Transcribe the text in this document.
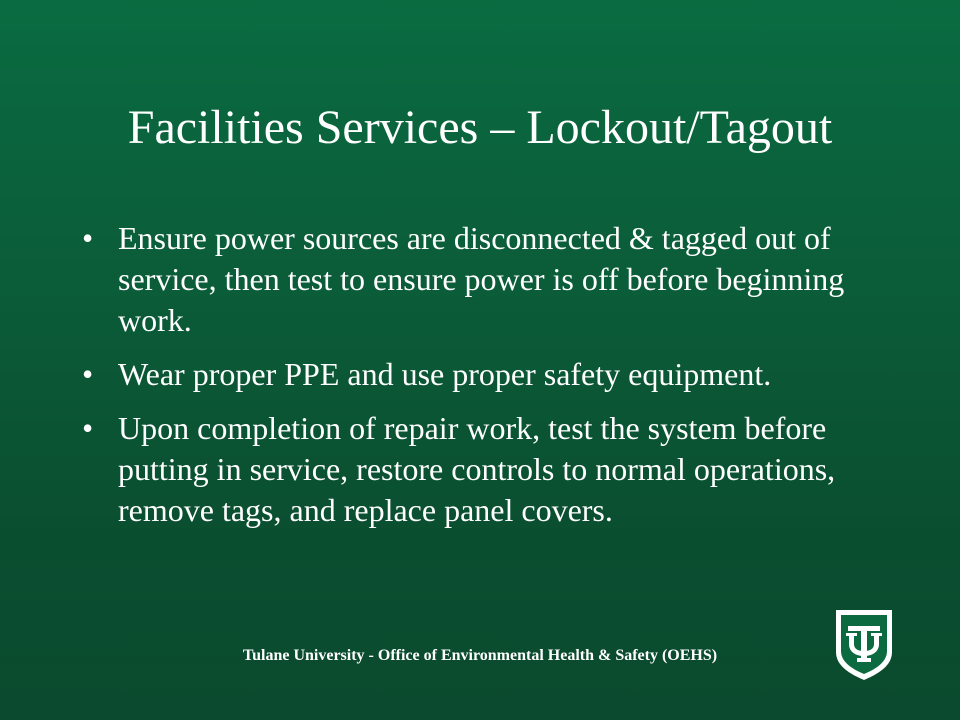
Facilities Services – Lockout/Tagout
• Ensure power sources are disconnected & tagged out of service, then test to ensure power is off before beginning work.
• Wear proper PPE and use proper safety equipment.
• Upon completion of repair work, test the system before putting in service, restore controls to normal operations, remove tags, and replace panel covers.
Tulane University - Office of Environmental Health & Safety (OEHS)
